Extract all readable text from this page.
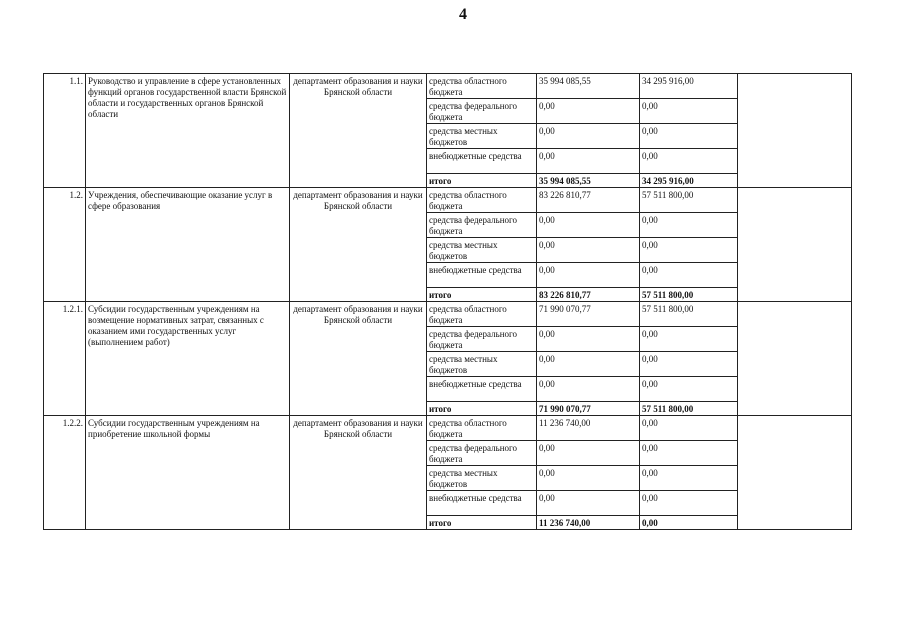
4
1.1.	Руководство и управление в сфере установленных функций органов государственной власти Брянской области и государственных органов Брянской области	департамент образования и науки Брянской области	средства областного бюджета	35 994 085,55	34 295 916,00	
			средства федерального бюджета	0,00	0,00	
			средства местных бюджетов	0,00	0,00	
			внебюджетные средства	0,00	0,00	
			итого	35 994 085,55	34 295 916,00	
1.2.	Учреждения, обеспечивающие оказание услуг в сфере образования	департамент образования и науки Брянской области	средства областного бюджета	83 226 810,77	57 511 800,00	
			средства федерального бюджета	0,00	0,00	
			средства местных бюджетов	0,00	0,00	
			внебюджетные средства	0,00	0,00	
			итого	83 226 810,77	57 511 800,00	
1.2.1.	Субсидии государственным учреждениям на возмещение нормативных затрат, связанных с оказанием ими государственных услуг (выполнением работ)	департамент образования и науки Брянской области	средства областного бюджета	71 990 070,77	57 511 800,00	
			средства федерального бюджета	0,00	0,00	
			средства местных бюджетов	0,00	0,00	
			внебюджетные средства	0,00	0,00	
			итого	71 990 070,77	57 511 800,00	
1.2.2.	Субсидии государственным учреждениям на приобретение школьной формы	департамент образования и науки Брянской области	средства областного бюджета	11 236 740,00	0,00	
			средства федерального бюджета	0,00	0,00	
			средства местных бюджетов	0,00	0,00	
			внебюджетные средства	0,00	0,00	
			итого	11 236 740,00	0,00	
